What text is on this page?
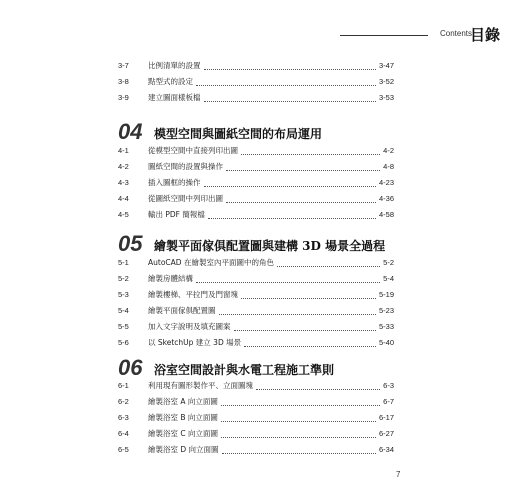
Contents
目錄
3-7	比例清單的設置	3-47
3-8	點型式的設定	3-52
3-9	建立圖面樣板檔	3-53
04 模型空間與圖紙空間的布局運用
4-1	從模型空間中直接列印出圖	4-2
4-2	圖紙空間的設置與操作	4-8
4-3	插入圖框的操作	4-23
4-4	從圖紙空間中列印出圖	4-36
4-5	輸出 PDF 簡報檔	4-58
05 繪製平面傢俱配置圖與建構 3D 場景全過程
5-1	AutoCAD 在繪製室內平面圖中的角色	5-2
5-2	繪製房體結構	5-4
5-3	繪製樓梯、平拉門及門窗塊	5-19
5-4	繪製平面傢俱配置圖	5-23
5-5	加入文字說明及填充圖案	5-33
5-6	以 SketchUp 建立 3D 場景	5-40
06 浴室空間設計與水電工程施工準則
6-1	利用現有圖形製作平、立面圖塊	6-3
6-2	繪製浴室 A 向立面圖	6-7
6-3	繪製浴室 B 向立面圖	6-17
6-4	繪製浴室 C 向立面圖	6-27
6-5	繪製浴室 D 向立面圖	6-34
7
